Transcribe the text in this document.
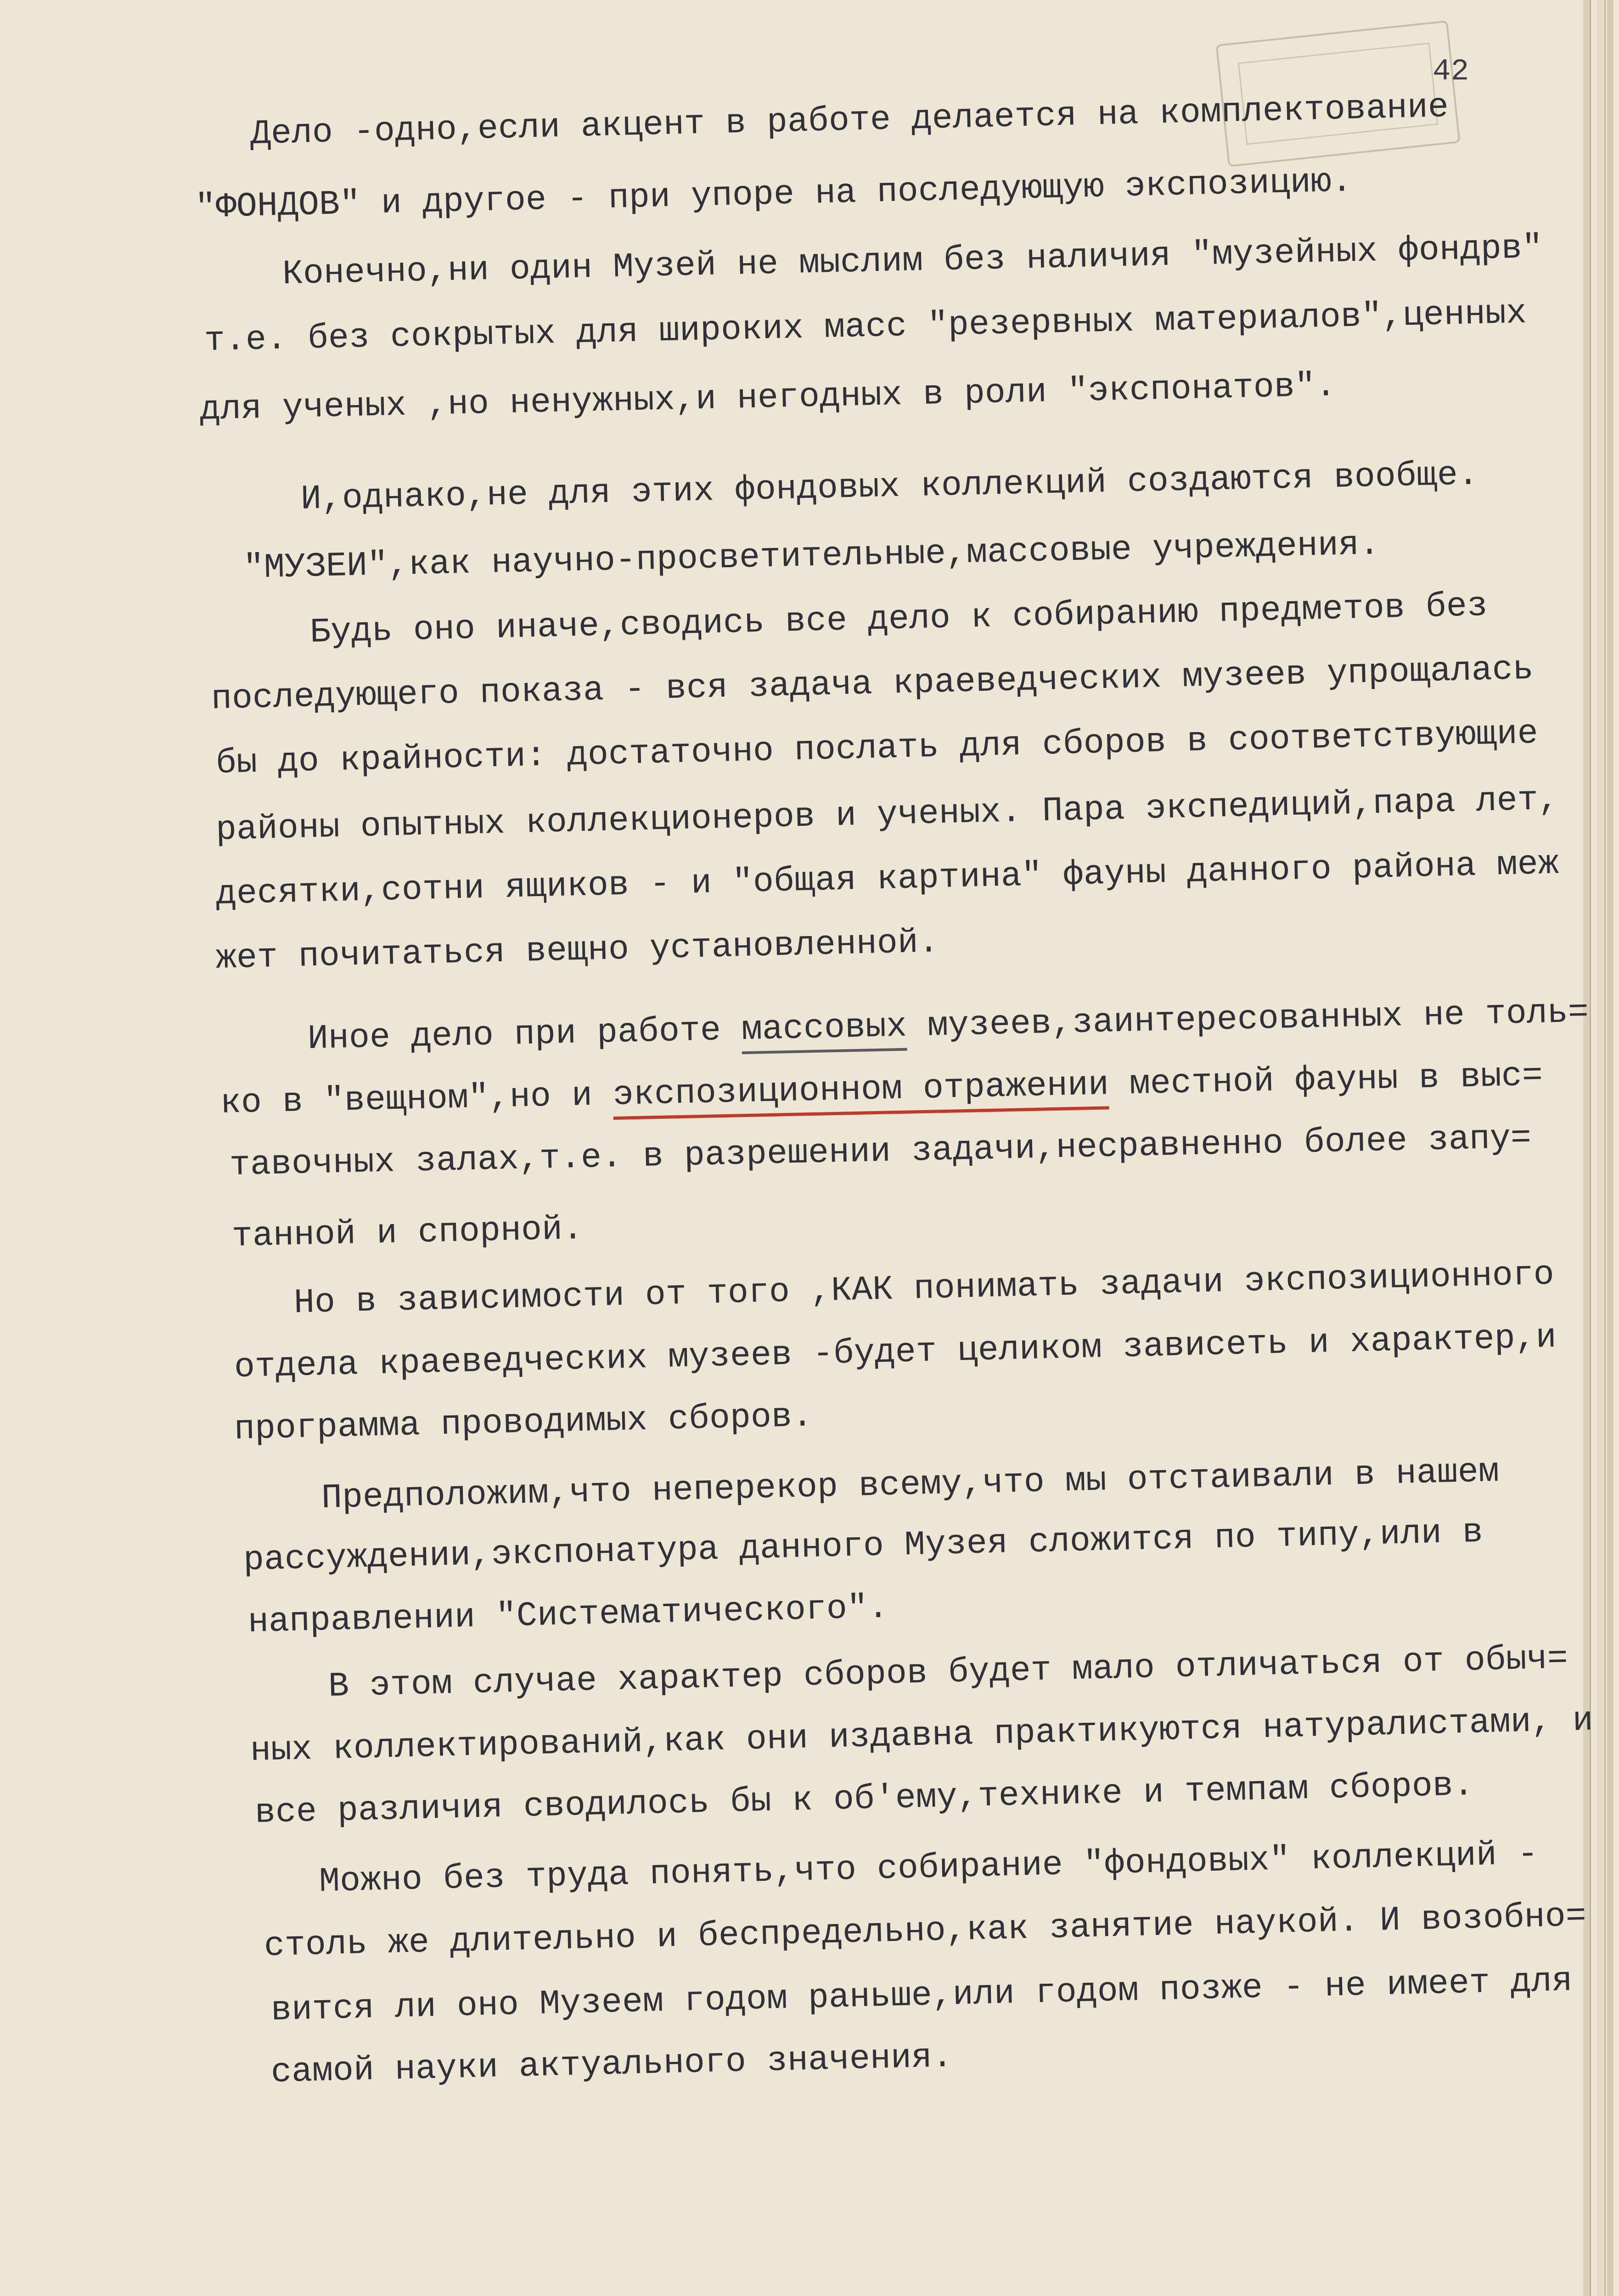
42
Дело -одно,если акцент в работе делается на комплектование
"ФОНДОВ" и другое - при упоре на последующую экспозицию.
Конечно,ни один Музей не мыслим без наличия "музейных фондрв"
т.е. без сокрытых для широких масс "резервных материалов",ценных
для ученых ,но ненужных,и негодных в роли "экспонатов".
И,однако,не для этих фондовых коллекций создаются вообще.
"МУЗЕИ",как научно-просветительные,массовые учреждения.
Будь оно иначе,сводись все дело к собиранию предметов без
последующего показа - вся задача краеведческих музеев упрощалась
бы до крайности: достаточно послать для сборов в соответствующие
районы опытных коллекционеров и ученых. Пара экспедиций,пара лет,
десятки,сотни ящиков - и "общая картина" фауны данного района меж
жет почитаться вещно установленной.
Иное дело при работе массовых музеев,заинтересованных не толь=
ко в "вещном",но и экспозиционном отражении местной фауны в выс=
тавочных залах,т.е. в разрешении задачи,несравненно более запу=
танной и спорной.
Но в зависимости от того ,КАК понимать задачи экспозиционного
отдела краеведческих музеев -будет целиком зависеть и характер,и
программа проводимых сборов.
Предположим,что неперекор всему,что мы отстаивали в нашем
рассуждении,экспонатура данного Музея сложится по типу,или в
направлении "Систематического".
В этом случае характер сборов будет мало отличаться от обыч=
ных коллектирований,как они издавна практикуются натуралистами, и
все различия сводилось бы к об'ему,технике и темпам сборов.
Можно без труда понять,что собирание "фондовых" коллекций -
столь же длительно и беспредельно,как занятие наукой. И возобно=
вится ли оно Музеем годом раньше,или годом позже - не имеет для
самой науки актуального значения.
